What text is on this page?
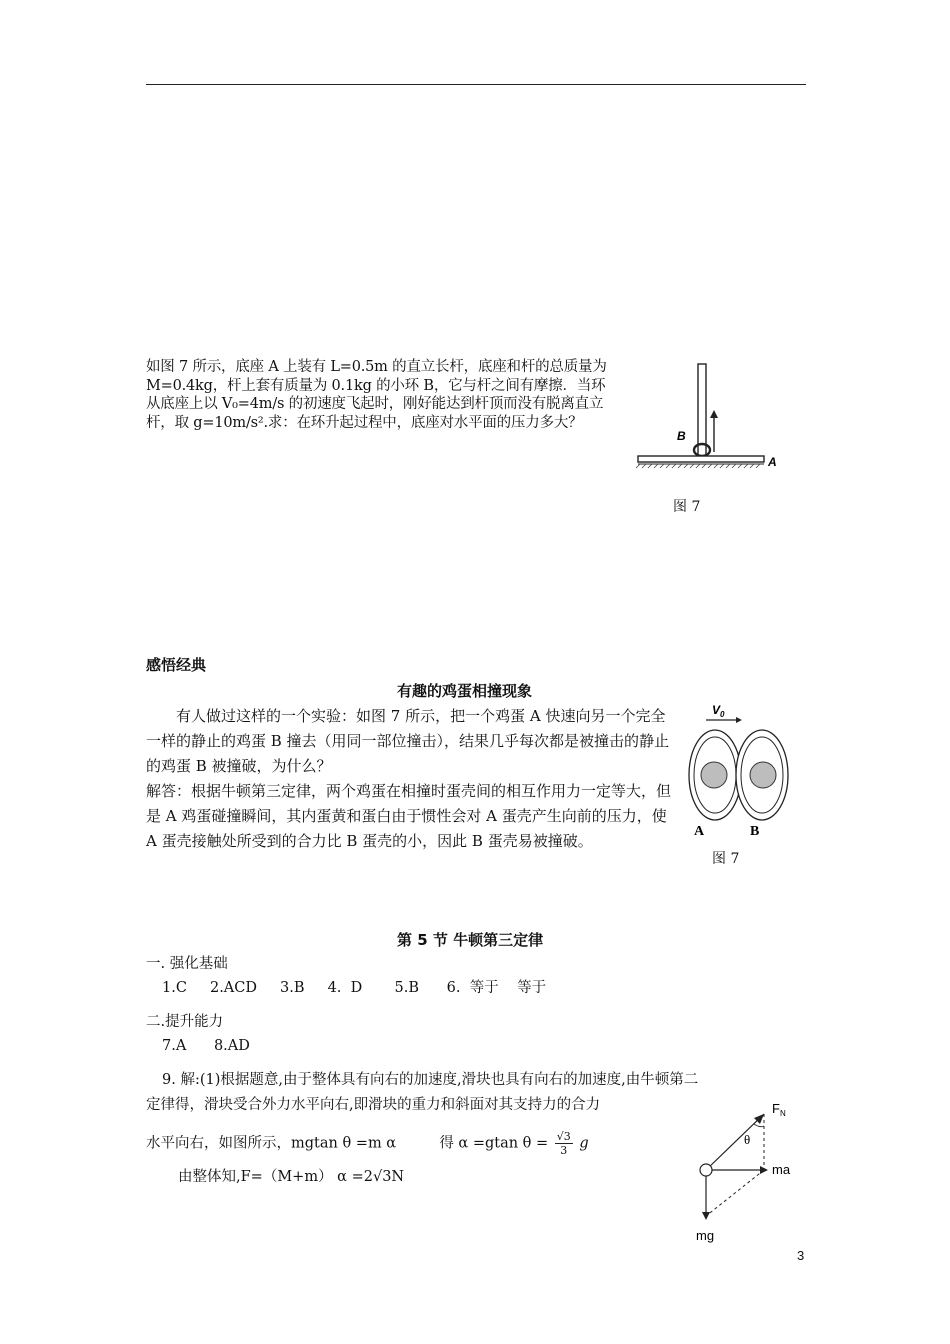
如图 7 所示，底座 A 上装有 L=0.5m 的直立长杆，底座和杆的总质量为 M=0.4kg，杆上套有质量为 0.1kg 的小环 B，它与杆之间有摩擦．当环从底座上以 V₀=4m/s 的初速度飞起时，刚好能达到杆顶而没有脱离直立杆，取 g=10m/s².求：在环升起过程中，底座对水平面的压力多大？
B
A
图 7
感悟经典
有趣的鸡蛋相撞现象

有人做过这样的一个实验：如图 7 所示，把一个鸡蛋 A 快速向另一个完全一样的静止的鸡蛋 B 撞去（用同一部位撞击），结果几乎每次都是被撞击的静止的鸡蛋 B 被撞破，为什么？

解答：根据牛顿第三定律，两个鸡蛋在相撞时蛋壳间的相互作用力一定等大，但是 A 鸡蛋碰撞瞬间，其内蛋黄和蛋白由于惯性会对 A 蛋壳产生向前的压力，使 A 蛋壳接触处所受到的合力比 B 蛋壳的小，因此 B 蛋壳易被撞破。

$V_0$
A	B
图 7
第 5 节 牛顿第三定律
一. 强化基础
1.C     2.ACD     3.B     4.  D       5.B      6.  等于    等于
二.提升能力
7.A      8.AD
9. 解:(1)根据题意,由于整体具有向右的加速度,滑块也具有向右的加速度,由牛顿第二
定律得，滑块受合外力水平向右,即滑块的重力和斜面对其支持力的合力
水平向右，如图所示，mgtan θ =m α	得 α =gtan $\theta = \frac{√3}{3}$ g
由整体知,F=（M+m） α =2√3N
$F_N$
θ
ma
mg
3
